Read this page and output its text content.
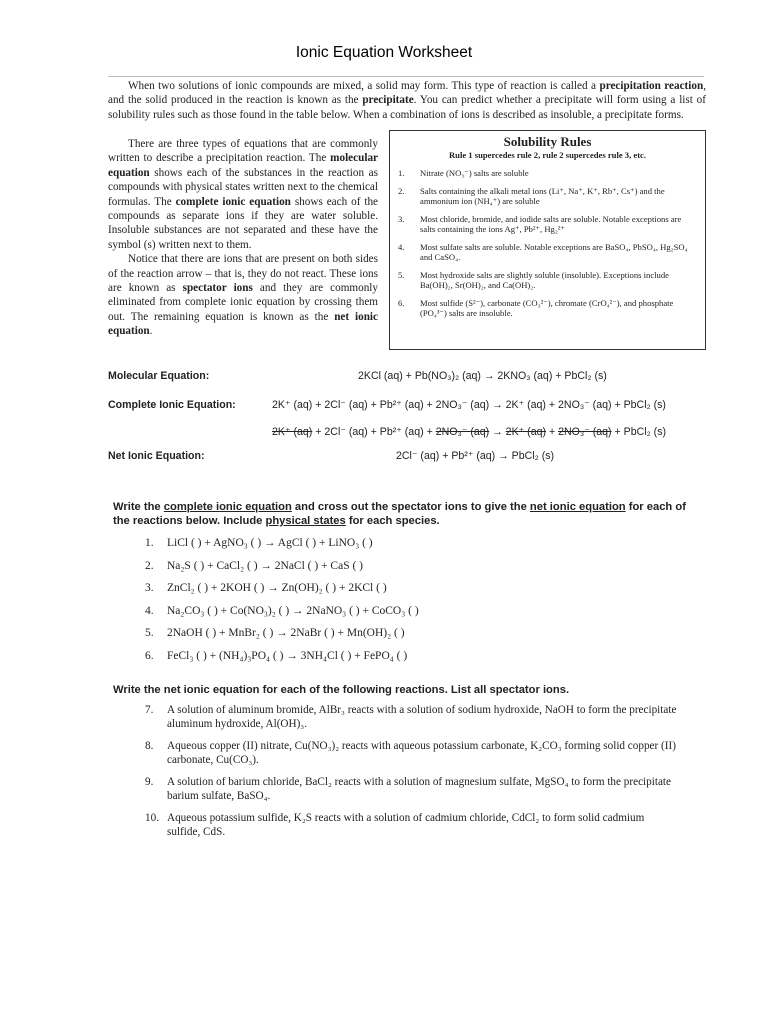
Ionic Equation Worksheet

When two solutions of ionic compounds are mixed, a solid may form. This type of reaction is called a precipitation reaction, and the solid produced in the reaction is known as the precipitate. You can predict whether a precipitate will form using a list of solubility rules such as those found in the table below. When a combination of ions is described as insoluble, a precipitate forms.

There are three types of equations that are commonly written to describe a precipitation reaction. The molecular equation shows each of the substances in the reaction as compounds with physical states written next to the chemical formulas. The complete ionic equation shows each of the compounds as separate ions if they are water soluble. Insoluble substances are not separated and these have the symbol (s) written next to them.

Notice that there are ions that are present on both sides of the reaction arrow – that is, they do not react. These ions are known as spectator ions and they are commonly eliminated from complete ionic equation by crossing them out. The remaining equation is known as the net ionic equation.

Solubility Rules
Rule 1 supercedes rule 2, rule 2 supercedes rule 3, etc.
1.	Nitrate (NO₃⁻) salts are soluble
2.	Salts containing the alkali metal ions (Li⁺, Na⁺, K⁺, Rb⁺, Cs⁺) and the ammonium ion (NH₄⁺) are soluble
3.	Most chloride, bromide, and iodide salts are soluble. Notable exceptions are salts containing the ions Ag⁺, Pb²⁺, Hg₂²⁺
4.	Most sulfate salts are soluble. Notable exceptions are BaSO₄, PbSO₄, Hg₂SO₄ and CaSO₄.
5.	Most hydroxide salts are slightly soluble (insoluble). Exceptions include Ba(OH)₂, Sr(OH)₂, and Ca(OH)₂.
6.	Most sulfide (S²⁻), carbonate (CO₃²⁻), chromate (CrO₄²⁻), and phosphate (PO₄³⁻) salts are insoluble.
Molecular Equation:	2KCl (aq) + Pb(NO₃)₂ (aq) → 2KNO₃ (aq) + PbCl₂ (s)
Complete Ionic Equation:	2K⁺ (aq) + 2Cl⁻ (aq) + Pb²⁺ (aq) + 2NO₃⁻ (aq) → 2K⁺ (aq) + 2NO₃⁻ (aq) + PbCl₂ (s)
2K⁺ (aq) + 2Cl⁻ (aq) + Pb²⁺ (aq) + 2NO₃⁻ (aq) → 2K⁺ (aq) + 2NO₃⁻ (aq) + PbCl₂ (s)
Net Ionic Equation:	2Cl⁻ (aq) + Pb²⁺ (aq) → PbCl₂ (s)
Write the complete ionic equation and cross out the spectator ions to give the net ionic equation for each of the reactions below. Include physical states for each species.
1. LiCl ( ) + AgNO₃ ( ) → AgCl ( ) + LiNO₃ ( )
2. Na₂S ( ) + CaCl₂ ( ) → 2NaCl ( ) + CaS ( )
3. ZnCl₂ ( ) + 2KOH ( ) → Zn(OH)₂ ( ) + 2KCl ( )
4. Na₂CO₃ ( ) + Co(NO₃)₂ ( ) → 2NaNO₃ ( ) + CoCO₃ ( )
5. 2NaOH ( ) + MnBr₂ ( ) → 2NaBr ( ) + Mn(OH)₂ ( )
6. FeCl₃ ( ) + (NH₄)₃PO₄ ( ) → 3NH₄Cl ( ) + FePO₄ ( )
Write the net ionic equation for each of the following reactions. List all spectator ions.
7.	A solution of aluminum bromide, AlBr₃ reacts with a solution of sodium hydroxide, NaOH to form the precipitate aluminum hydroxide, Al(OH)₃.
8.	Aqueous copper (II) nitrate, Cu(NO₃)₂ reacts with aqueous potassium carbonate, K₂CO₃ forming solid copper (II) carbonate, Cu(CO₃).
9.	A solution of barium chloride, BaCl₂ reacts with a solution of magnesium sulfate, MgSO₄ to form the precipitate barium sulfate, BaSO₄.
10. Aqueous potassium sulfide, K₂S reacts with a solution of cadmium chloride, CdCl₂ to form solid cadmium sulfide, CdS.
